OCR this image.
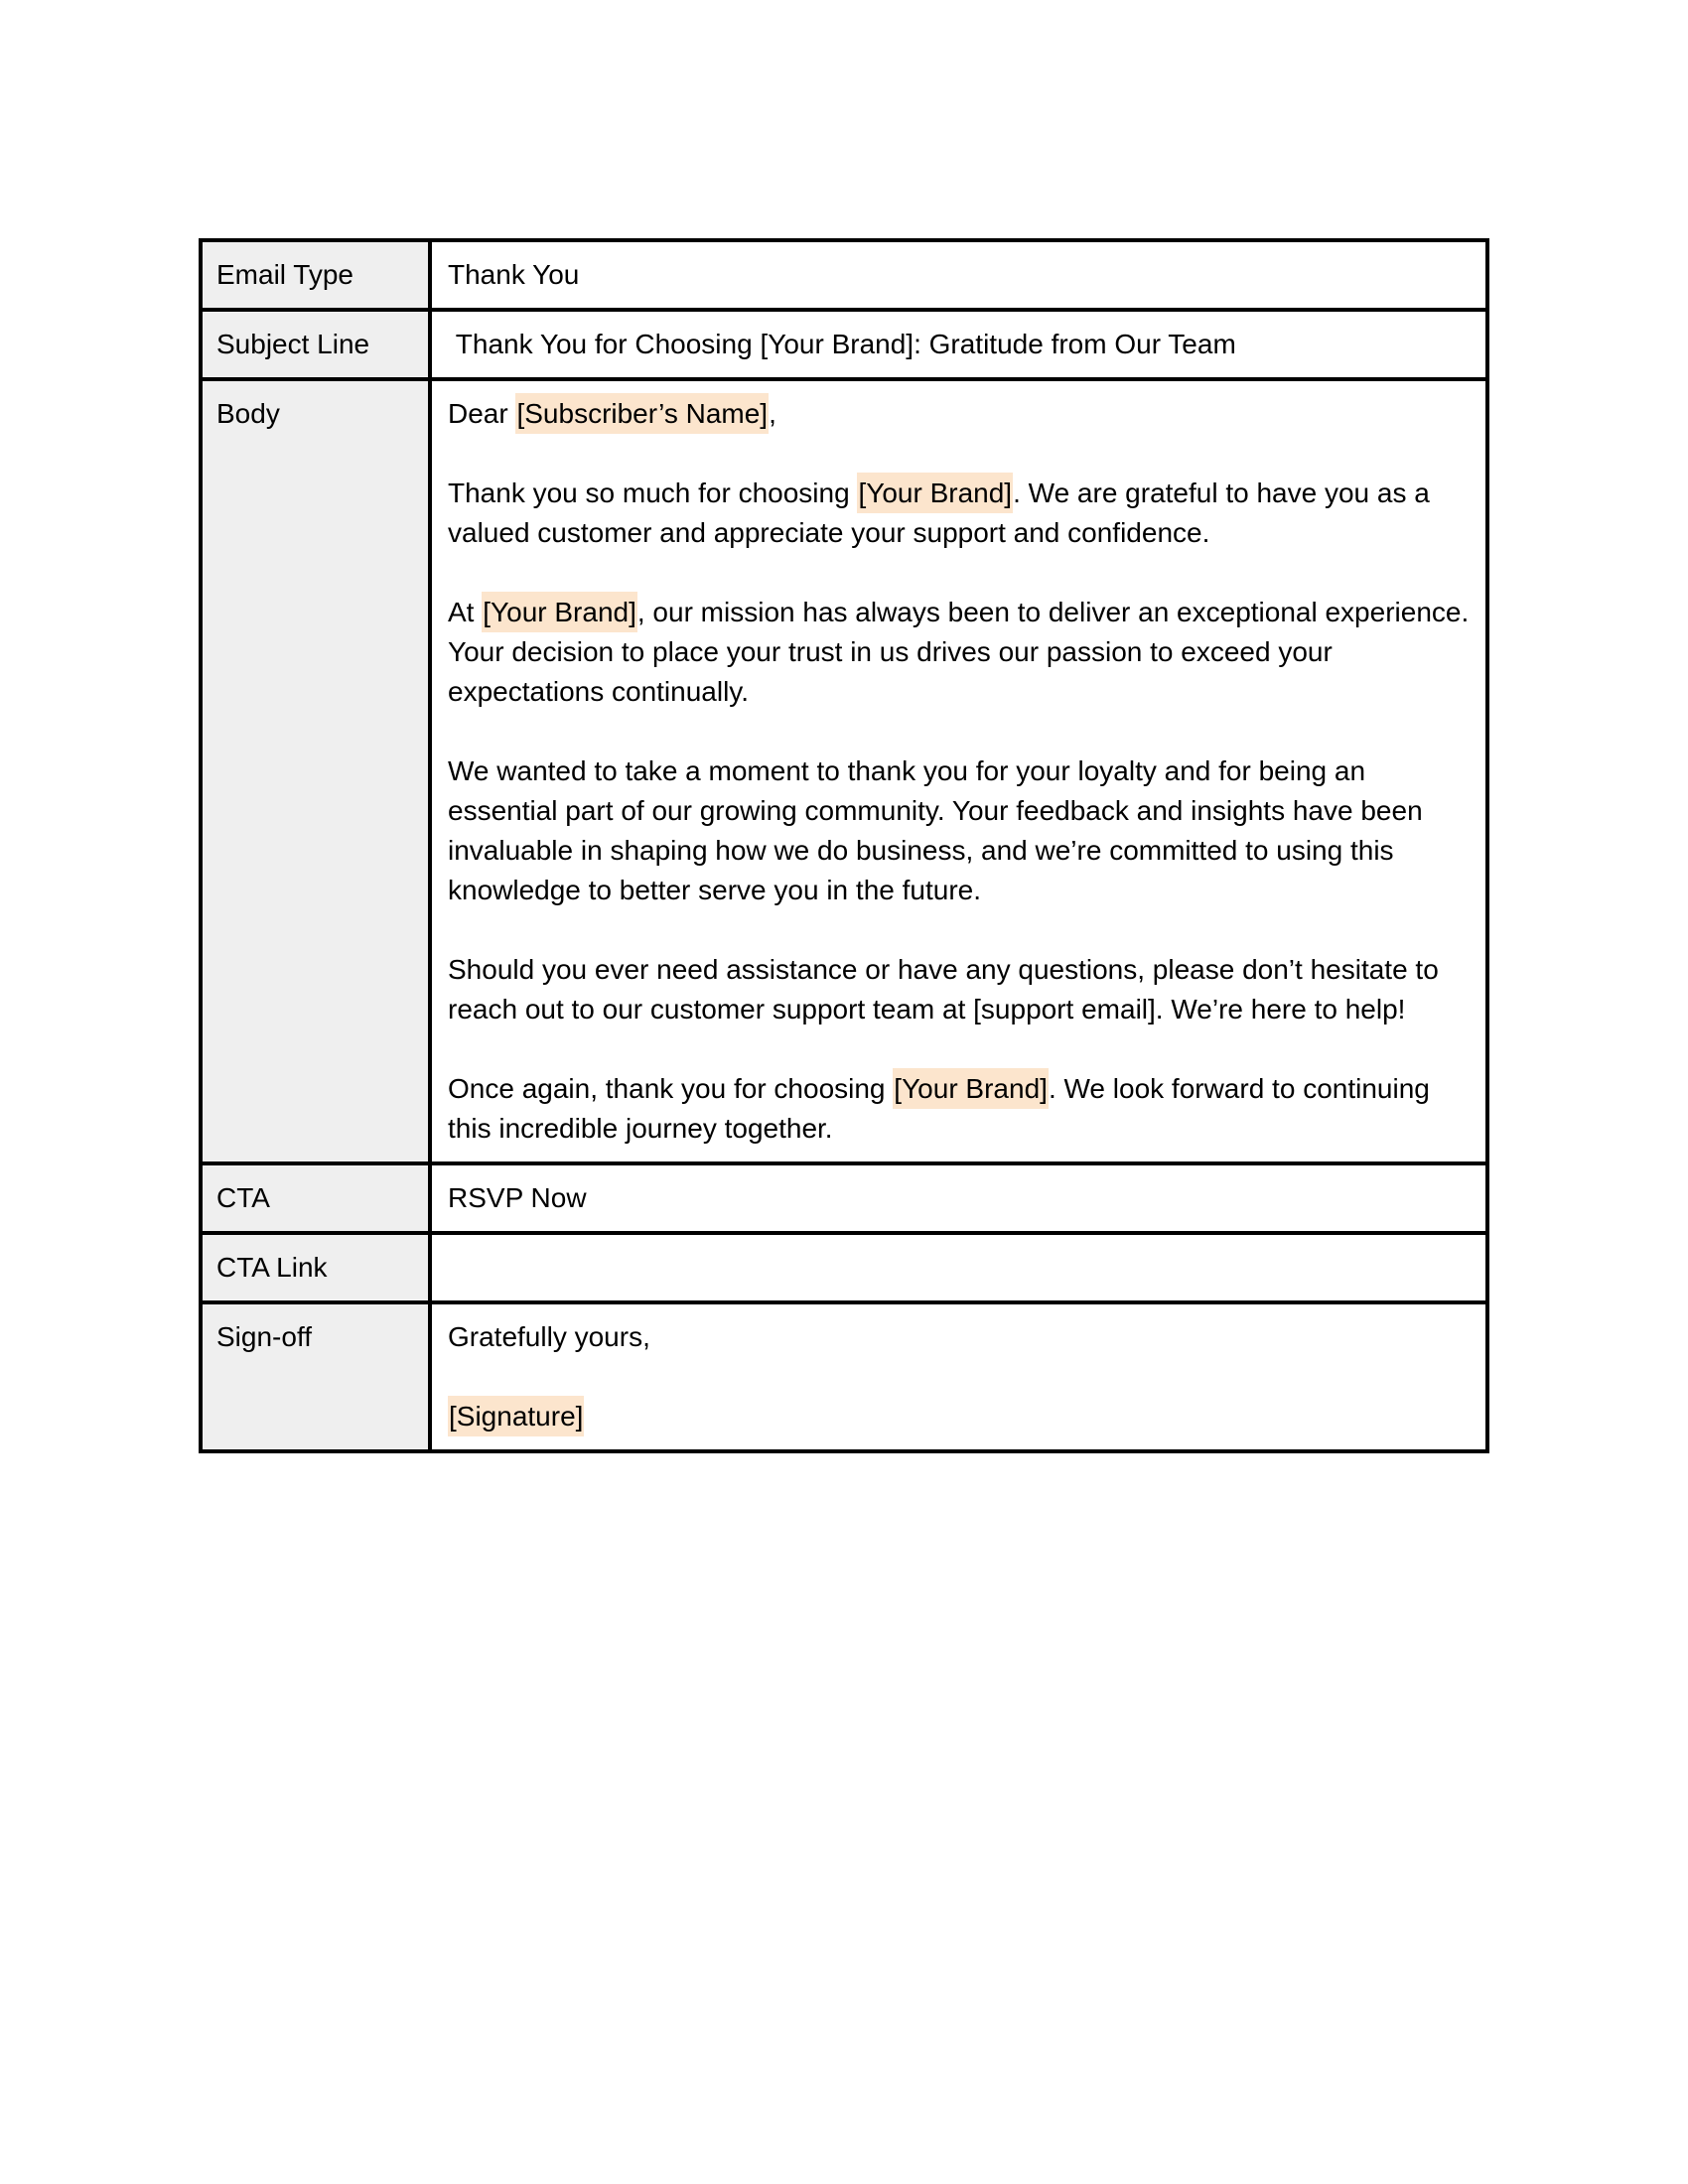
Email Type	Thank You

Subject Line	Thank You for Choosing [Your Brand]: Gratitude from Our Team

Body	Dear [Subscriber’s Name],

Thank you so much for choosing [Your Brand]. We are grateful to have you as a valued customer and appreciate your support and confidence.

At [Your Brand], our mission has always been to deliver an exceptional experience. Your decision to place your trust in us drives our passion to exceed your expectations continually.

We wanted to take a moment to thank you for your loyalty and for being an essential part of our growing community. Your feedback and insights have been invaluable in shaping how we do business, and we’re committed to using this knowledge to better serve you in the future.

Should you ever need assistance or have any questions, please don’t hesitate to reach out to our customer support team at [support email]. We’re here to help!

Once again, thank you for choosing [Your Brand]. We look forward to continuing this incredible journey together.

CTA	RSVP Now

CTA Link
Sign-off	Gratefully yours,

[Signature]
